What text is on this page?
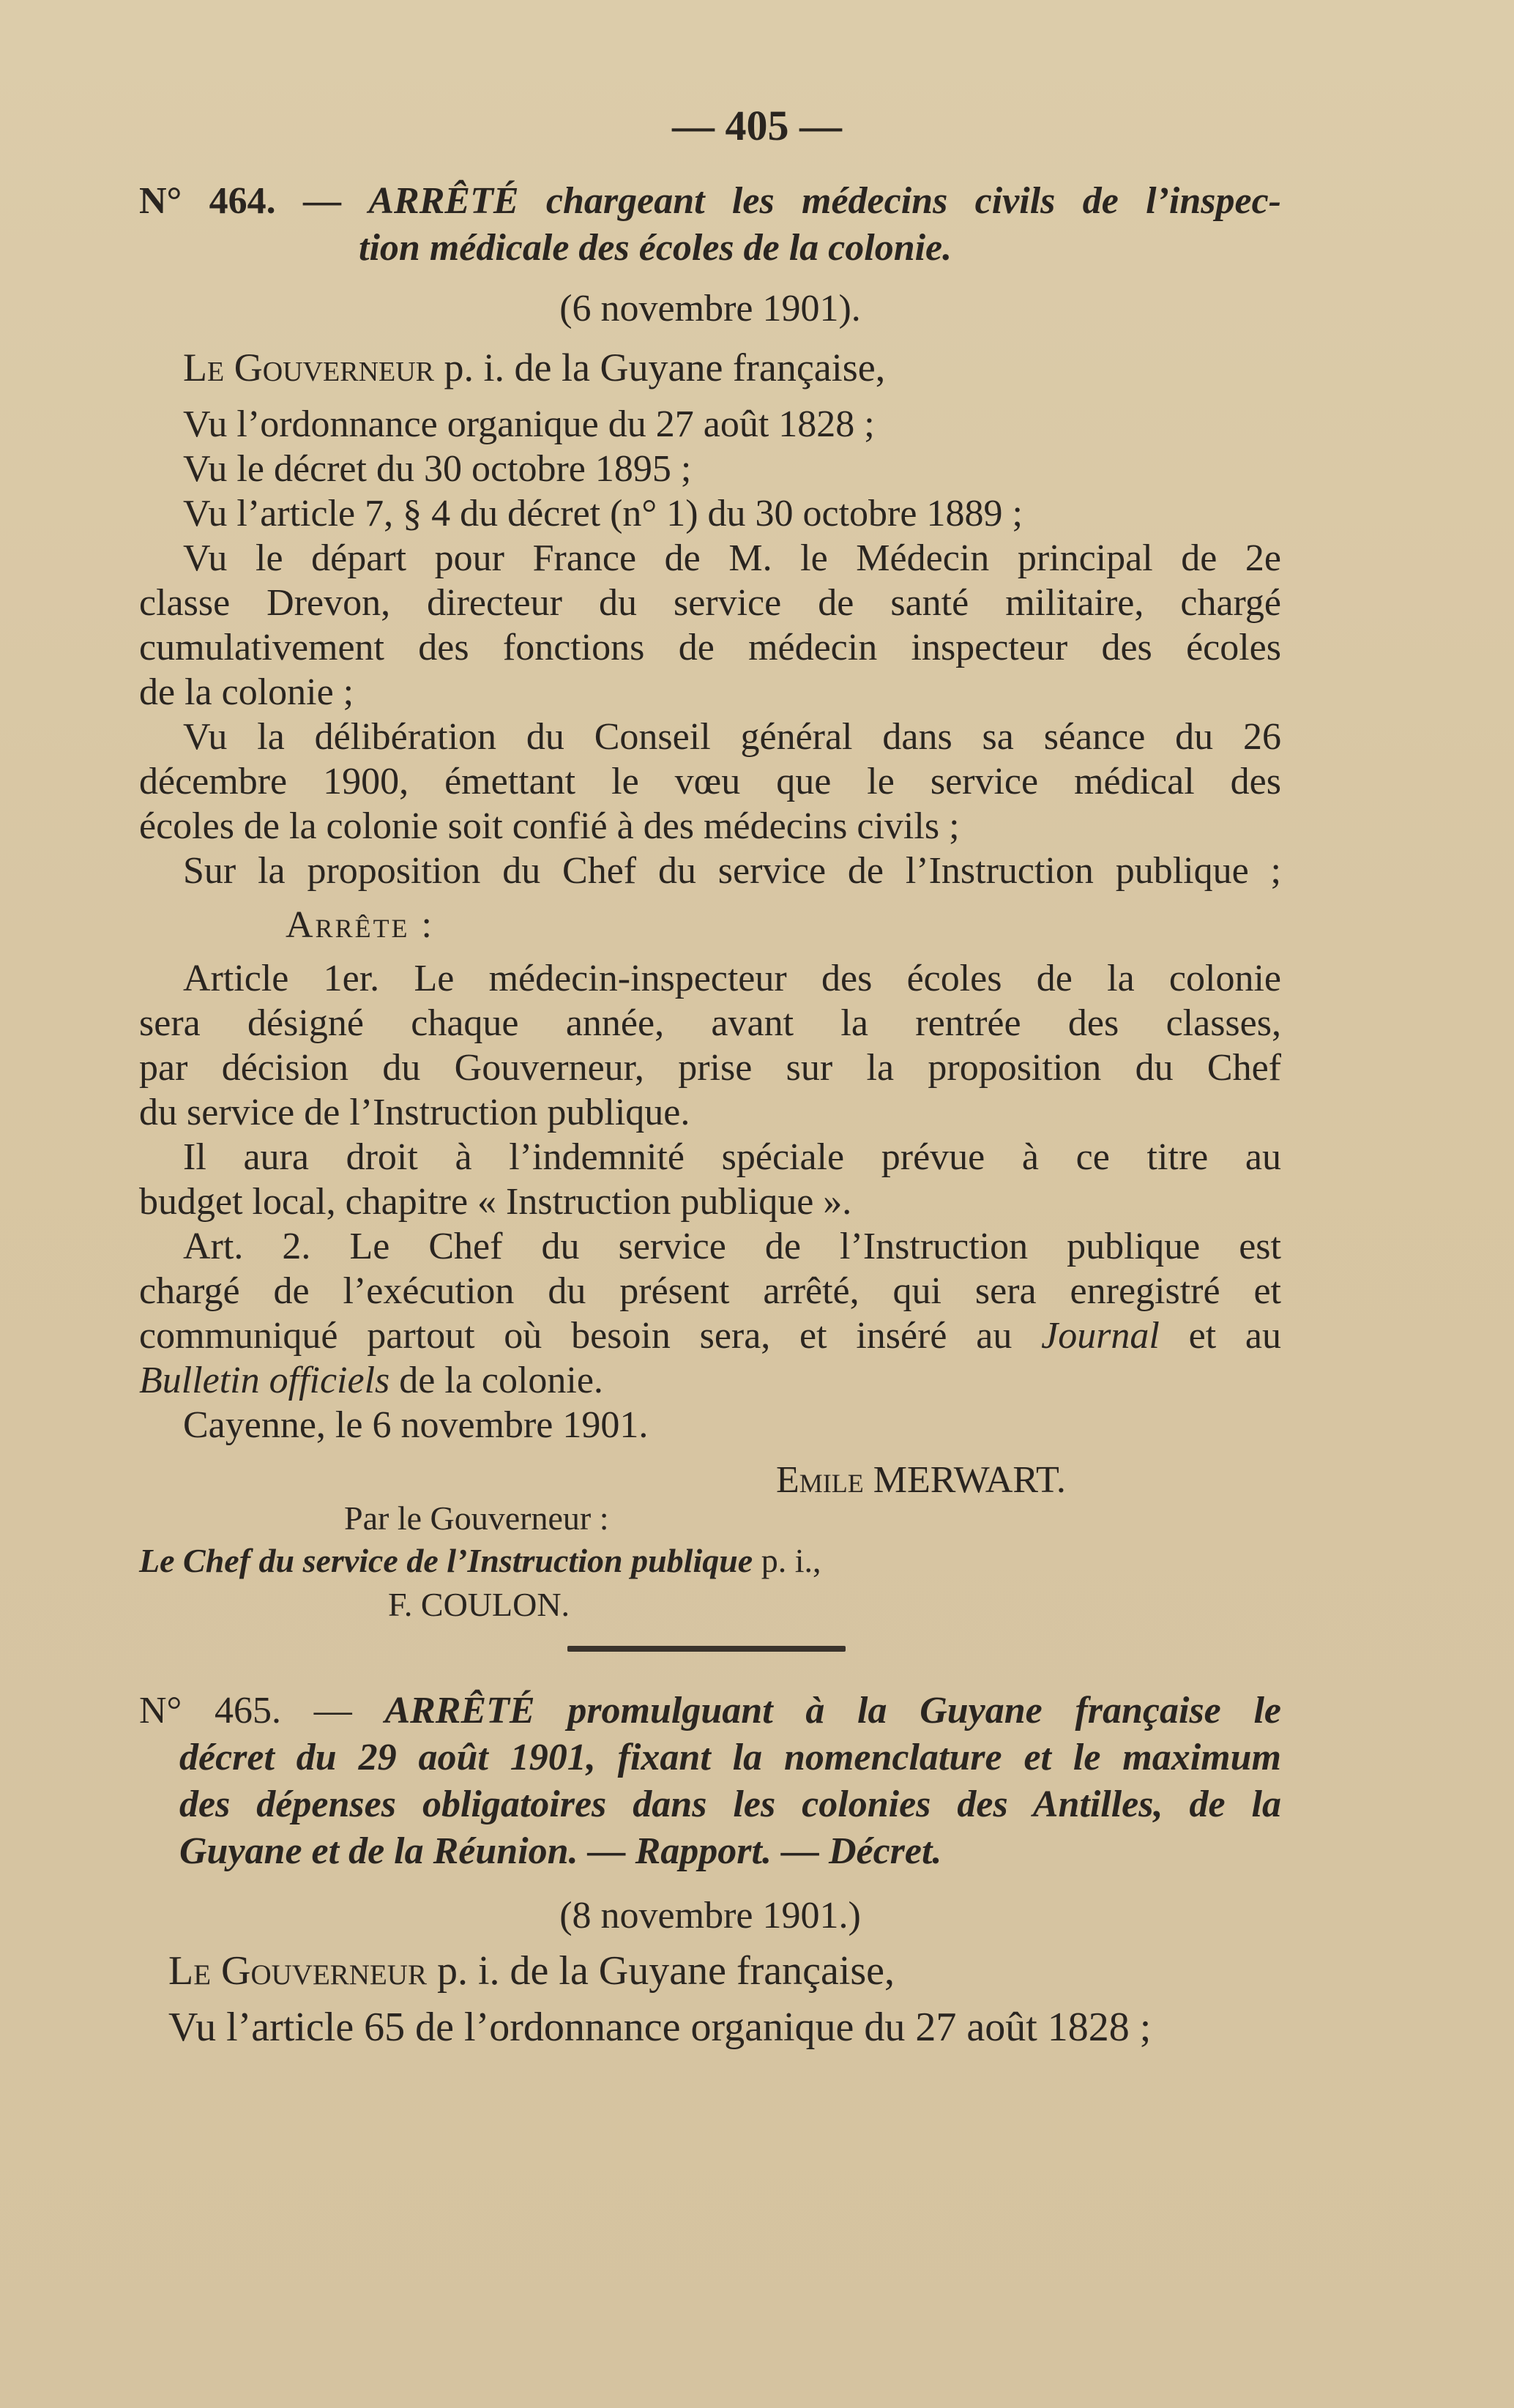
— 405 —
N° 464. — ARRÊTÉ chargeant les médecins civils de l’inspec-
tion médicale des écoles de la colonie.
(6 novembre 1901).
Le Gouverneur p. i. de la Guyane française,
Vu l’ordonnance organique du 27 août 1828 ;
Vu le décret du 30 octobre 1895 ;
Vu l’article 7, § 4 du décret (n° 1) du 30 octobre 1889 ;
Vu le départ pour France de M. le Médecin principal de 2e
classe Drevon, directeur du service de santé militaire, chargé
cumulativement des fonctions de médecin inspecteur des écoles
de la colonie ;
Vu la délibération du Conseil général dans sa séance du 26
décembre 1900, émettant le vœu que le service médical des
écoles de la colonie soit confié à des médecins civils ;
Sur la proposition du Chef du service de l’Instruction publique ;
Arrête :
Article 1er. Le médecin-inspecteur des écoles de la colonie
sera désigné chaque année, avant la rentrée des classes,
par décision du Gouverneur, prise sur la proposition du Chef
du service de l’Instruction publique.
Il aura droit à l’indemnité spéciale prévue à ce titre au
budget local, chapitre « Instruction publique ».
Art. 2. Le Chef du service de l’Instruction publique est
chargé de l’exécution du présent arrêté, qui sera enregistré et
communiqué partout où besoin sera, et inséré au Journal et au
Bulletin officiels de la colonie.
Cayenne, le 6 novembre 1901.
Emile MERWART.
Par le Gouverneur :
Le Chef du service de l’Instruction publique p. i.,
F. COULON.
N° 465. — ARRÊTÉ promulguant à la Guyane française le
décret du 29 août 1901, fixant la nomenclature et le maximum
des dépenses obligatoires dans les colonies des Antilles, de la
Guyane et de la Réunion. — Rapport. — Décret.
(8 novembre 1901.)
Le Gouverneur p. i. de la Guyane française,
Vu l’article 65 de l’ordonnance organique du 27 août 1828 ;
